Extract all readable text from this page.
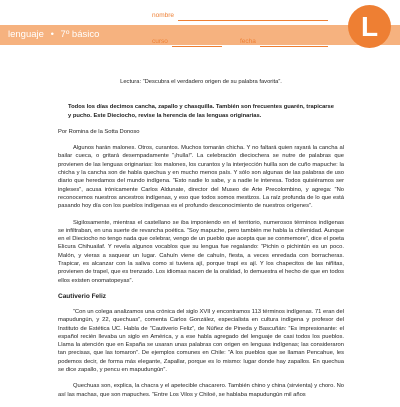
lenguaje • 7º básico
nombre
curso	fecha	L

Lectura: “Descubra el verdadero origen de su palabra favorita”.

Todos los días decimos cancha, zapallo y chasquilla. También son frecuentes guarén, trapicarse y pucho. Este Dieciocho, revise la herencia de las lenguas originarias.

Por Romina de la Sotta Donoso

Algunos harán malones. Otros, curantos. Muchos tomarán chicha. Y no faltará quien rayará la cancha al bailar cueca, o gritará desempadamente “¡hulla!”. La celebración dieciochera se nutre de palabras que provienen de las lenguas originarias: los malones, los curantos y la interjección huilla son de cuño mapuche: la chicha y la cancha son de habla quechua y en mucho menos país. Y sólo son algunas de las palabras de uso diario que heredamos del mundo indígena. “Esto nadie lo sabe, y a nadie le interesa. Todos quisiéramos ser ingleses”, acusa irónicamente Carlos Aldunate, director del Museo de Arte Precolombino, y agrega: “No reconocemos nuestros ancestros indígenas, y eso que todos somos mestizos. La raíz profunda de lo que está pasando hoy día con los pueblos indígenas es el profundo desconocimiento de nuestros orígenes”.

Sigilosamente, mientras el castellano se iba imponiendo en el territorio, numerosos términos indígenas se infiltraban, en una suerte de revancha poética. “Soy mapuche, pero también me habla la chilenidad. Aunque en el Dieciocho no tengo nada que celebrar, vengo de un pueblo que acepta que se conmemore”, dice el poeta Elicura Chihuailaf. Y revela algunos vocablos que su lengua fue regalando: “Pichin o pichintún es un poco. Malón, y vieras a saquear un lugar. Cahuín viene de cahuín, fiesta, a veces enredada con borracheras. Trapicar, es alcanzar con la saliva como si tuviera ají, porque trapi es ají. Y los chapecitos de las niñitas, provienen de trapel, que es trenzado. Los idiomas nacen de la oralidad, lo demuestra el hecho de que en todos ellos existen onomatopeyas”.

Cautiverio Feliz

“Con un colega analizamos una crónica del siglo XVII y encontramos 113 términos indígenas. 71 eran del mapudungún, y 22, quechuas”, comenta Carlos González, especialista en cultura indígena y profesor del Instituto de Estética UC. Habla de “Cautiverio Feliz”, de Núñez de Pineda y Bascuñán: “Es impresionante: el español recién llevaba un siglo en América, y a ese habla agregado del lenguaje de casi todos los pueblos. Llama la atención que en España se usaran unas palabras con origen en lenguas indígenas; las consideraron tan precisas, que las tomaron”. De ejemplos comunes en Chile: “A los pueblos que se llaman Pencahue, les podemos decir, de forma más elegante, Zapallar, porque es lo mismo: lugar donde hay zapallos. En quechua se dice zapallo, y pencu en mapudungún”.

Quechuas son, explica, la chacra y el apetecible chacarero. También chino y china (sirvienta) y choro. No así las machas, que son mapuches. “Entre Los Vilos y Chiloé, se hablaba mapudungún mil años
